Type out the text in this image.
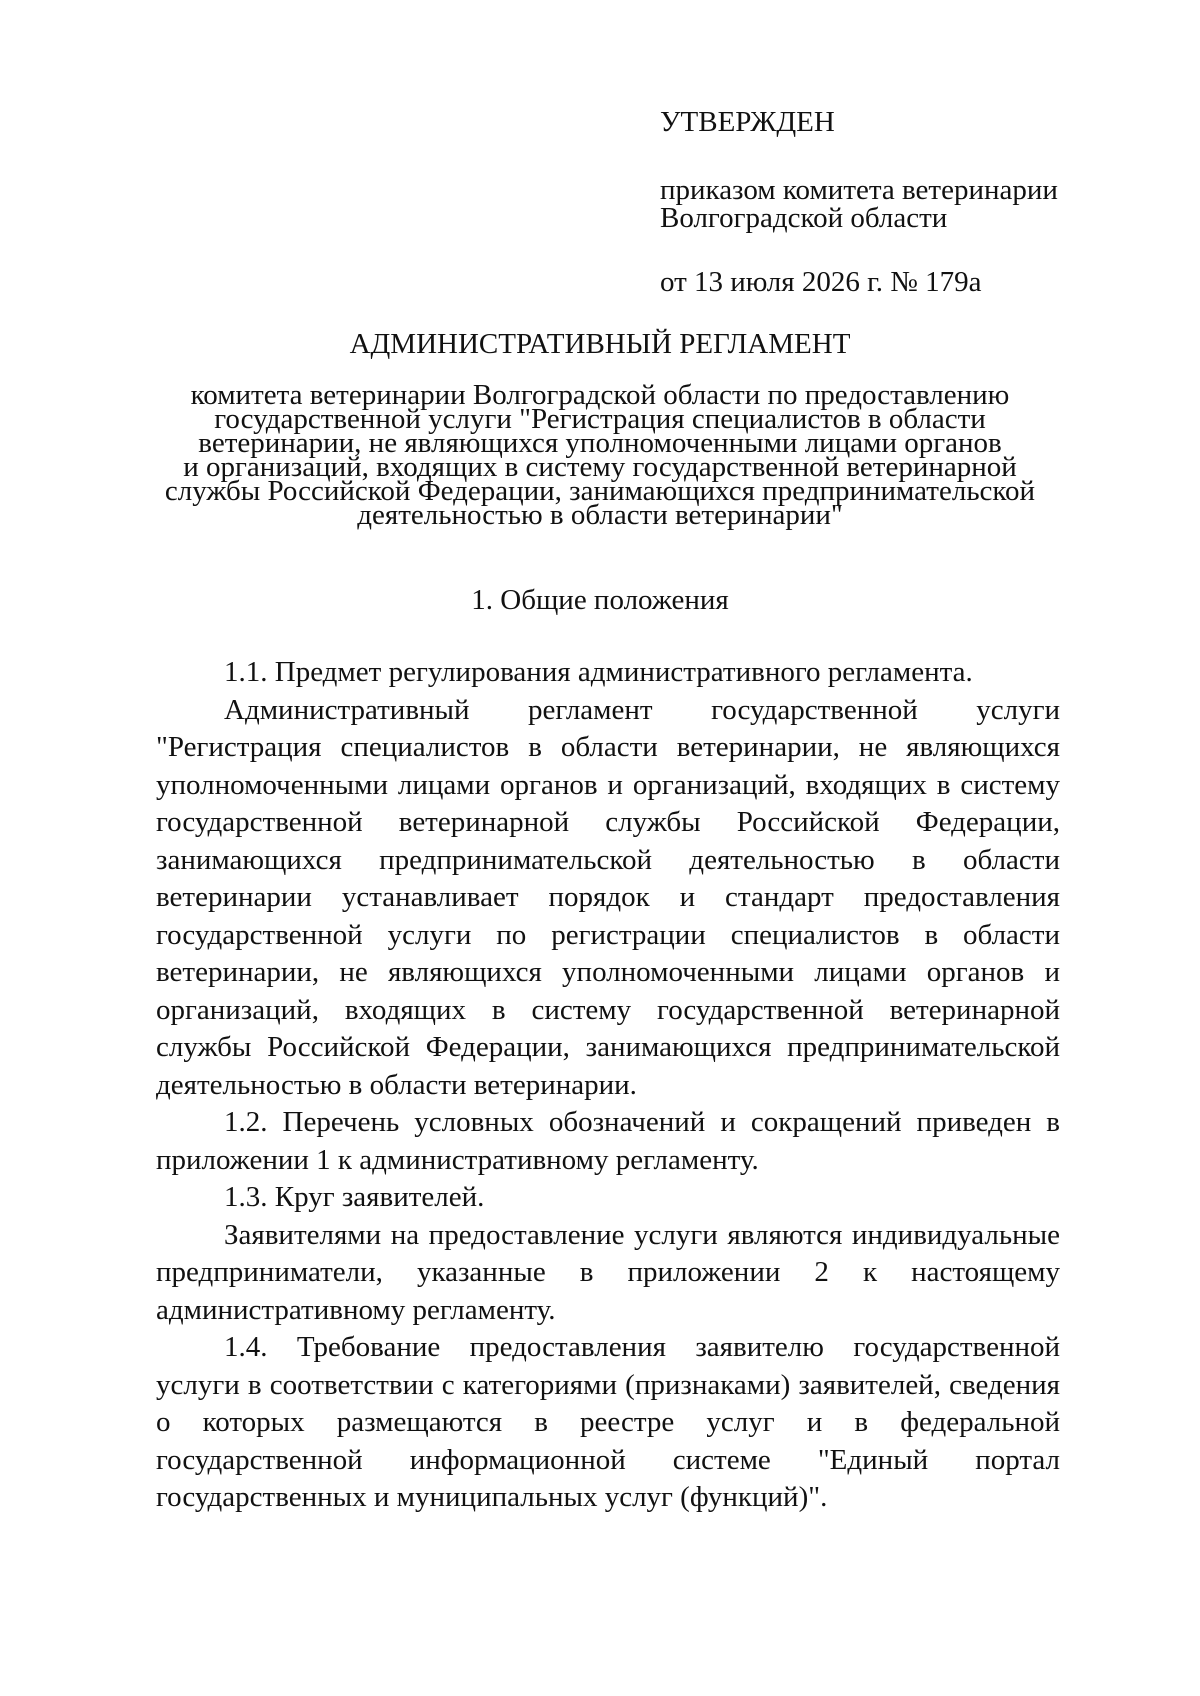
УТВЕРЖДЕН
приказом комитета ветеринарии
Волгоградской области
от 13 июля 2026 г. № 179а
АДМИНИСТРАТИВНЫЙ РЕГЛАМЕНТ
комитета ветеринарии Волгоградской области по предоставлению
государственной услуги "Регистрация специалистов в области
ветеринарии, не являющихся уполномоченными лицами органов
и организаций, входящих в систему государственной ветеринарной
службы Российской Федерации, занимающихся предпринимательской
деятельностью в области ветеринарии"
1. Общие положения

1.1. Предмет регулирования административного регламента.

Административный регламент государственной услуги "Регистрация специалистов в области ветеринарии, не являющихся уполномоченными лицами органов и организаций, входящих в систему государственной ветеринарной службы Российской Федерации, занимающихся предпринимательской деятельностью в области ветеринарии устанавливает порядок и стандарт предоставления государственной услуги по регистрации специалистов в области ветеринарии, не являющихся уполномоченными лицами органов и организаций, входящих в систему государственной ветеринарной службы Российской Федерации, занимающихся предпринимательской деятельностью в области ветеринарии.

1.2. Перечень условных обозначений и сокращений приведен в приложении 1 к административному регламенту.

1.3. Круг заявителей.

Заявителями на предоставление услуги являются индивидуальные предприниматели, указанные в приложении 2 к настоящему административному регламенту.

1.4. Требование предоставления заявителю государственной услуги в соответствии с категориями (признаками) заявителей, сведения о которых размещаются в реестре услуг и в федеральной государственной информационной системе "Единый портал государственных и муниципальных услуг (функций)".
